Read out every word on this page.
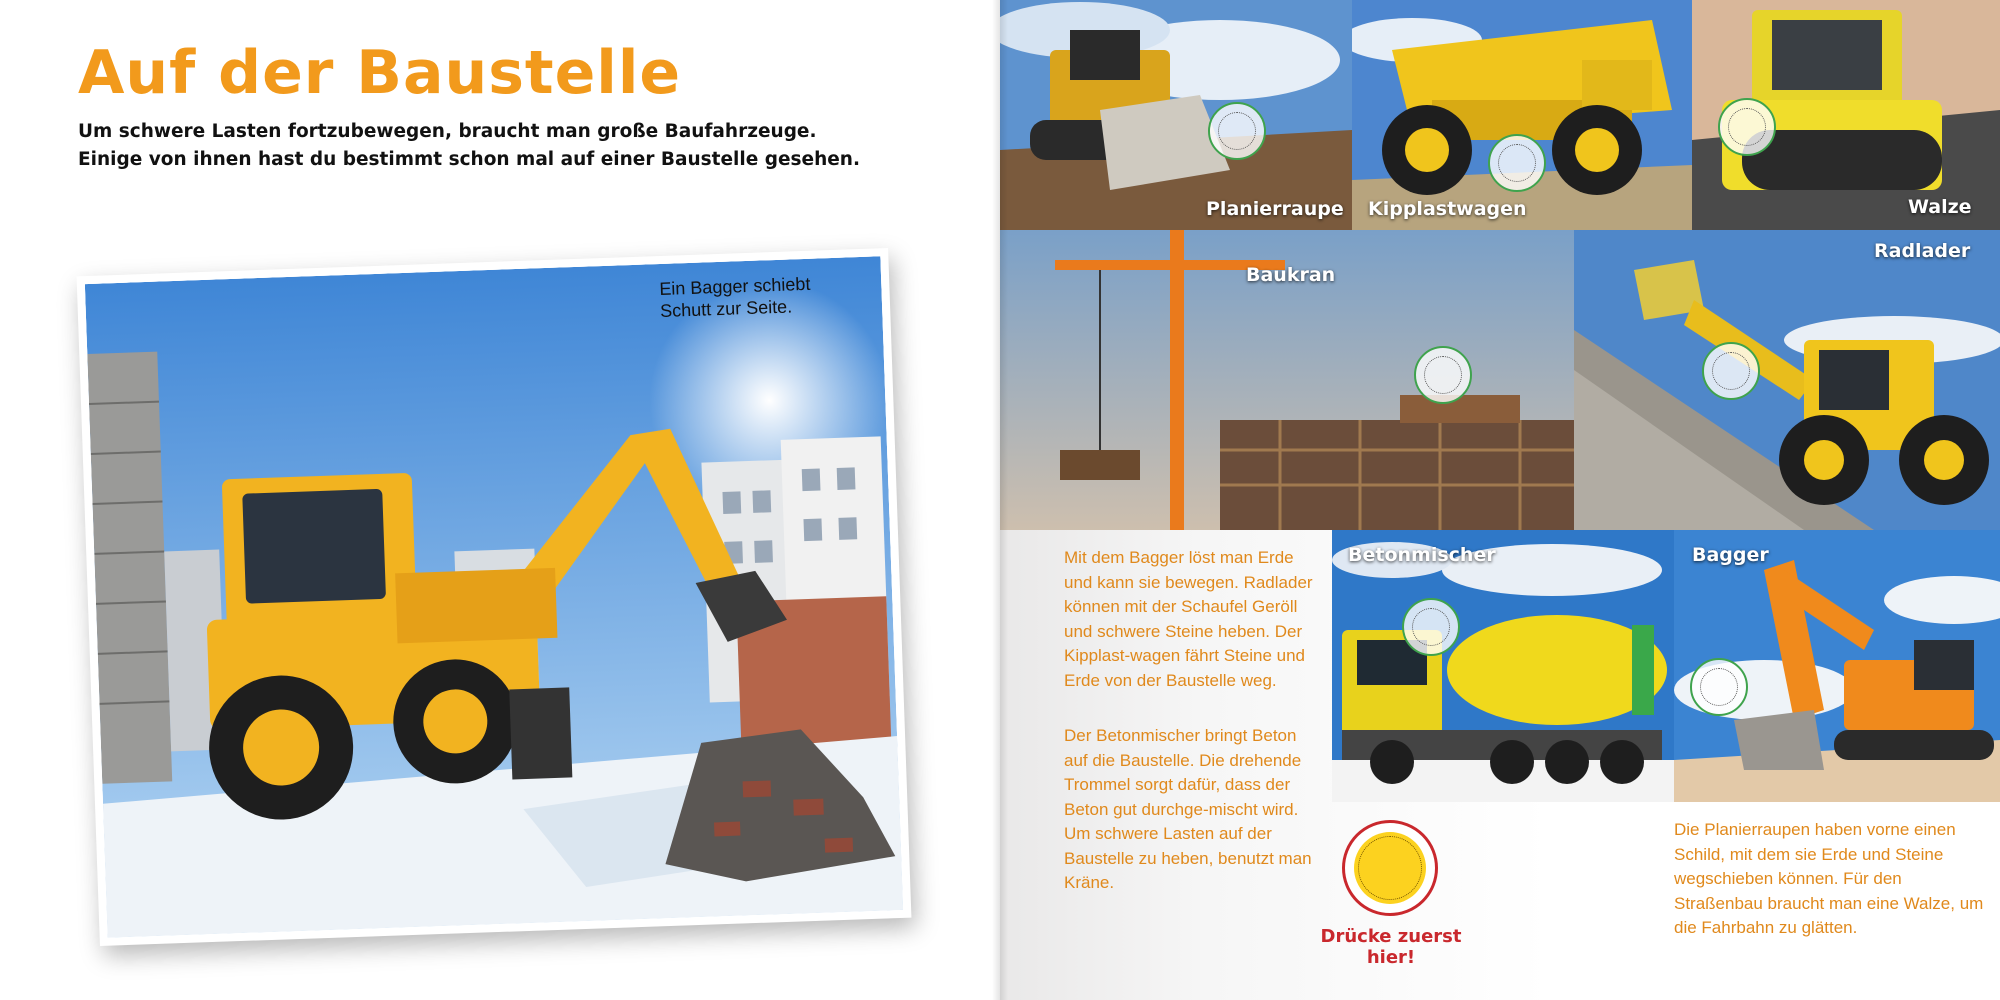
Auf der Baustelle

Um schwere Lasten fortzubewegen, braucht man große Baufahrzeuge.
Einige von ihnen hast du bestimmt schon mal auf einer Baustelle gesehen.

Ein Bagger schiebt Schutt zur Seite.

Planierraupe Kipplastwagen	Walze

Baukran

Radlader

Betonmischer	Bagger

Mit dem Bagger löst man Erde und kann sie bewegen. Radlader können mit der Schaufel Geröll und schwere Steine heben. Der Kipplast-wagen fährt Steine und Erde von der Baustelle weg.

Der Betonmischer bringt Beton auf die Baustelle. Die drehende Trommel sorgt dafür, dass der Beton gut durchge-mischt wird. Um schwere Lasten auf der Baustelle zu heben, benutzt man Kräne.

Die Planierraupen haben vorne einen Schild, mit dem sie Erde und Steine wegschieben können. Für den Straßenbau braucht man eine Walze, um die Fahrbahn zu glätten.

Drücke zuerst hier!
